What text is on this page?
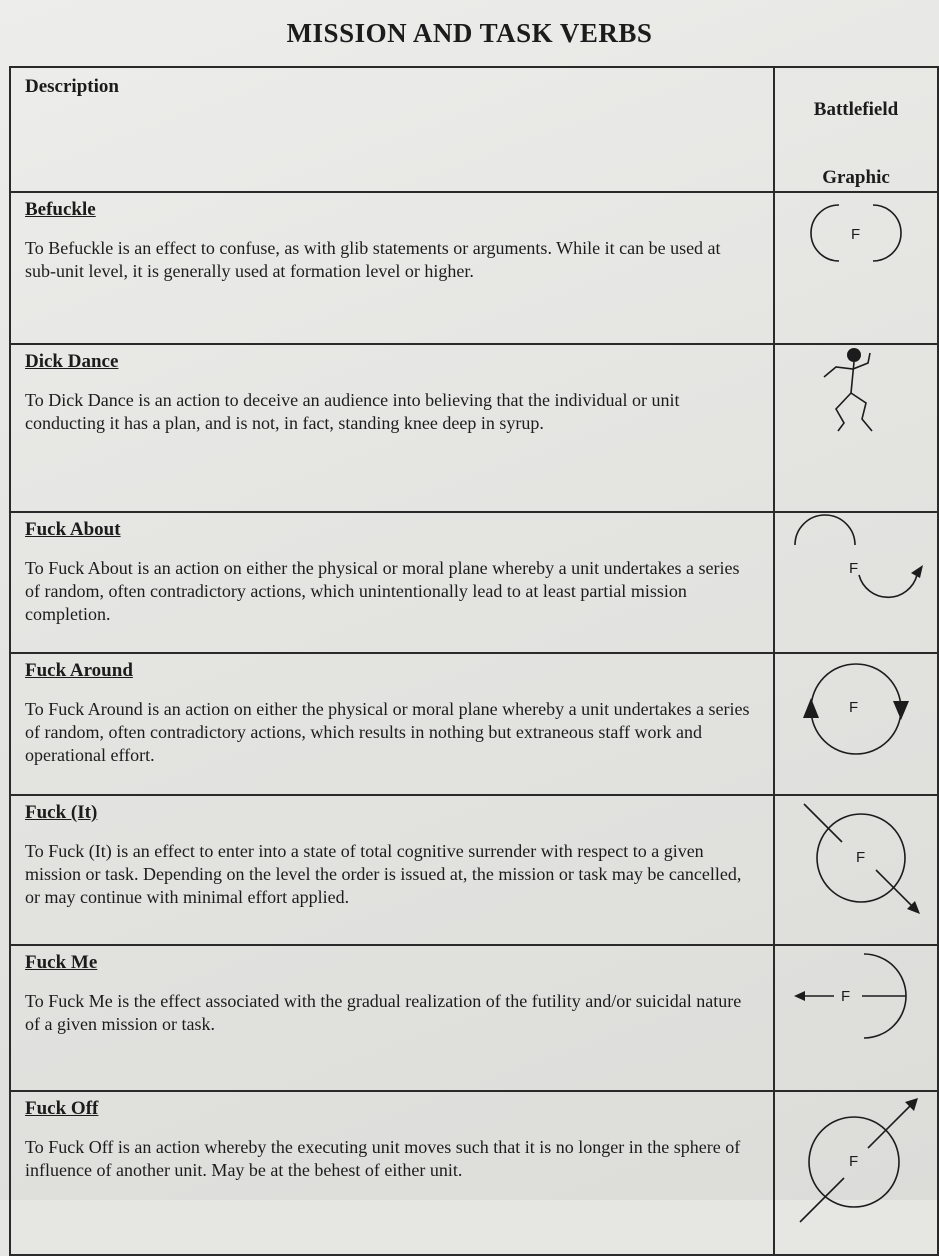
MISSION AND TASK VERBS
Description	Battlefield

Graphic

Befuckle
To Befuckle is an effect to confuse, as with glib statements or arguments. While it can be used at sub-unit level, it is generally used at formation level or higher.	F

Dick Dance
To Dick Dance is an action to deceive an audience into believing that the individual or unit conducting it has a plan, and is not, in fact, standing knee deep in syrup.

Fuck About
To Fuck About is an action on either the physical or moral plane whereby a unit undertakes a series of random, often contradictory actions, which unintentionally lead to at least partial mission completion.	F

Fuck Around
To Fuck Around is an action on either the physical or moral plane whereby a unit undertakes a series of random, often contradictory actions, which results in nothing but extraneous staff work and operational effort.	F

Fuck (It)
To Fuck (It) is an effect to enter into a state of total cognitive surrender with respect to a given mission or task. Depending on the level the order is issued at, the mission or task may be cancelled, or may continue with minimal effort applied.	F

Fuck Me
To Fuck Me is the effect associated with the gradual realization of the futility and/or suicidal nature of a given mission or task.	F

Fuck Off
To Fuck Off is an action whereby the executing unit moves such that it is no longer in the sphere of influence of another unit. May be at the behest of either unit.	F
